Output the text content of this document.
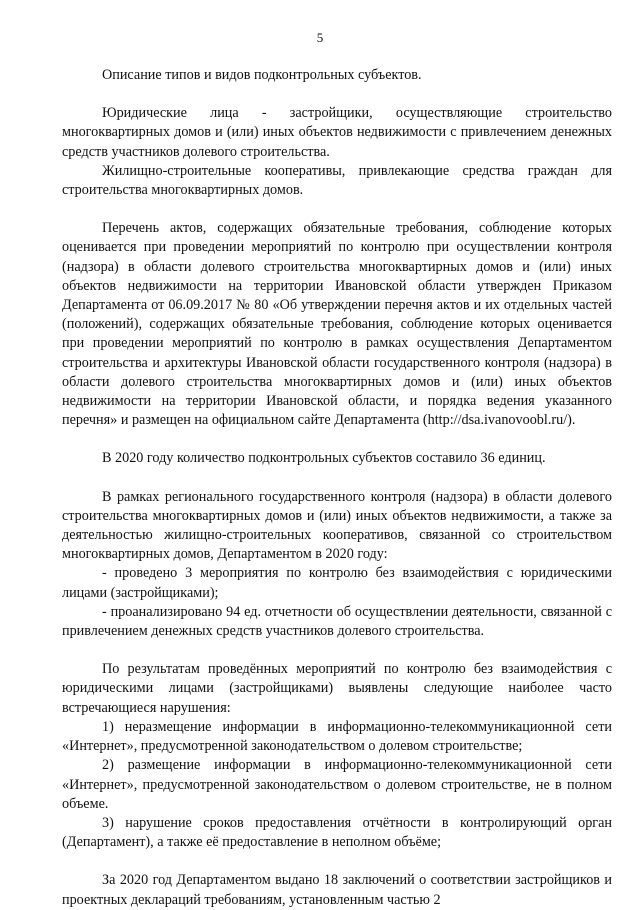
5

Описание типов и видов подконтрольных субъектов.

Юридические лица - застройщики, осуществляющие строительство многоквартирных домов и (или) иных объектов недвижимости с привлечением денежных средств участников долевого строительства.

Жилищно-строительные кооперативы, привлекающие средства граждан для строительства многоквартирных домов.

Перечень актов, содержащих обязательные требования, соблюдение которых оценивается при проведении мероприятий по контролю при осуществлении контроля (надзора) в области долевого строительства многоквартирных домов и (или) иных объектов недвижимости на территории Ивановской области утвержден Приказом Департамента от 06.09.2017 № 80 «Об утверждении перечня актов и их отдельных частей (положений), содержащих обязательные требования, соблюдение которых оценивается при проведении мероприятий по контролю в рамках осуществления Департаментом строительства и архитектуры Ивановской области государственного контроля (надзора) в области долевого строительства многоквартирных домов и (или) иных объектов недвижимости на территории Ивановской области, и порядка ведения указанного перечня» и размещен на официальном сайте Департамента (http://dsa.ivanovoobl.ru/).

В 2020 году количество подконтрольных субъектов составило 36 единиц.

В рамках регионального государственного контроля (надзора) в области долевого строительства многоквартирных домов и (или) иных объектов недвижимости, а также за деятельностью жилищно-строительных кооперативов, связанной со строительством многоквартирных домов, Департаментом в 2020 году:

- проведено 3 мероприятия по контролю без взаимодействия с юридическими лицами (застройщиками);

- проанализировано 94 ед. отчетности об осуществлении деятельности, связанной с привлечением денежных средств участников долевого строительства.

По результатам проведённых мероприятий по контролю без взаимодействия с юридическими лицами (застройщиками) выявлены следующие наиболее часто встречающиеся нарушения:

1) неразмещение информации в информационно-телекоммуникационной сети «Интернет», предусмотренной законодательством о долевом строительстве;

2) размещение информации в информационно-телекоммуникационной сети «Интернет», предусмотренной законодательством о долевом строительстве, не в полном объеме.

3) нарушение сроков предоставления отчётности в контролирующий орган (Департамент), а также её предоставление в неполном объёме;

За 2020 год Департаментом выдано 18 заключений о соответствии застройщиков и проектных деклараций требованиям, установленным частью 2
